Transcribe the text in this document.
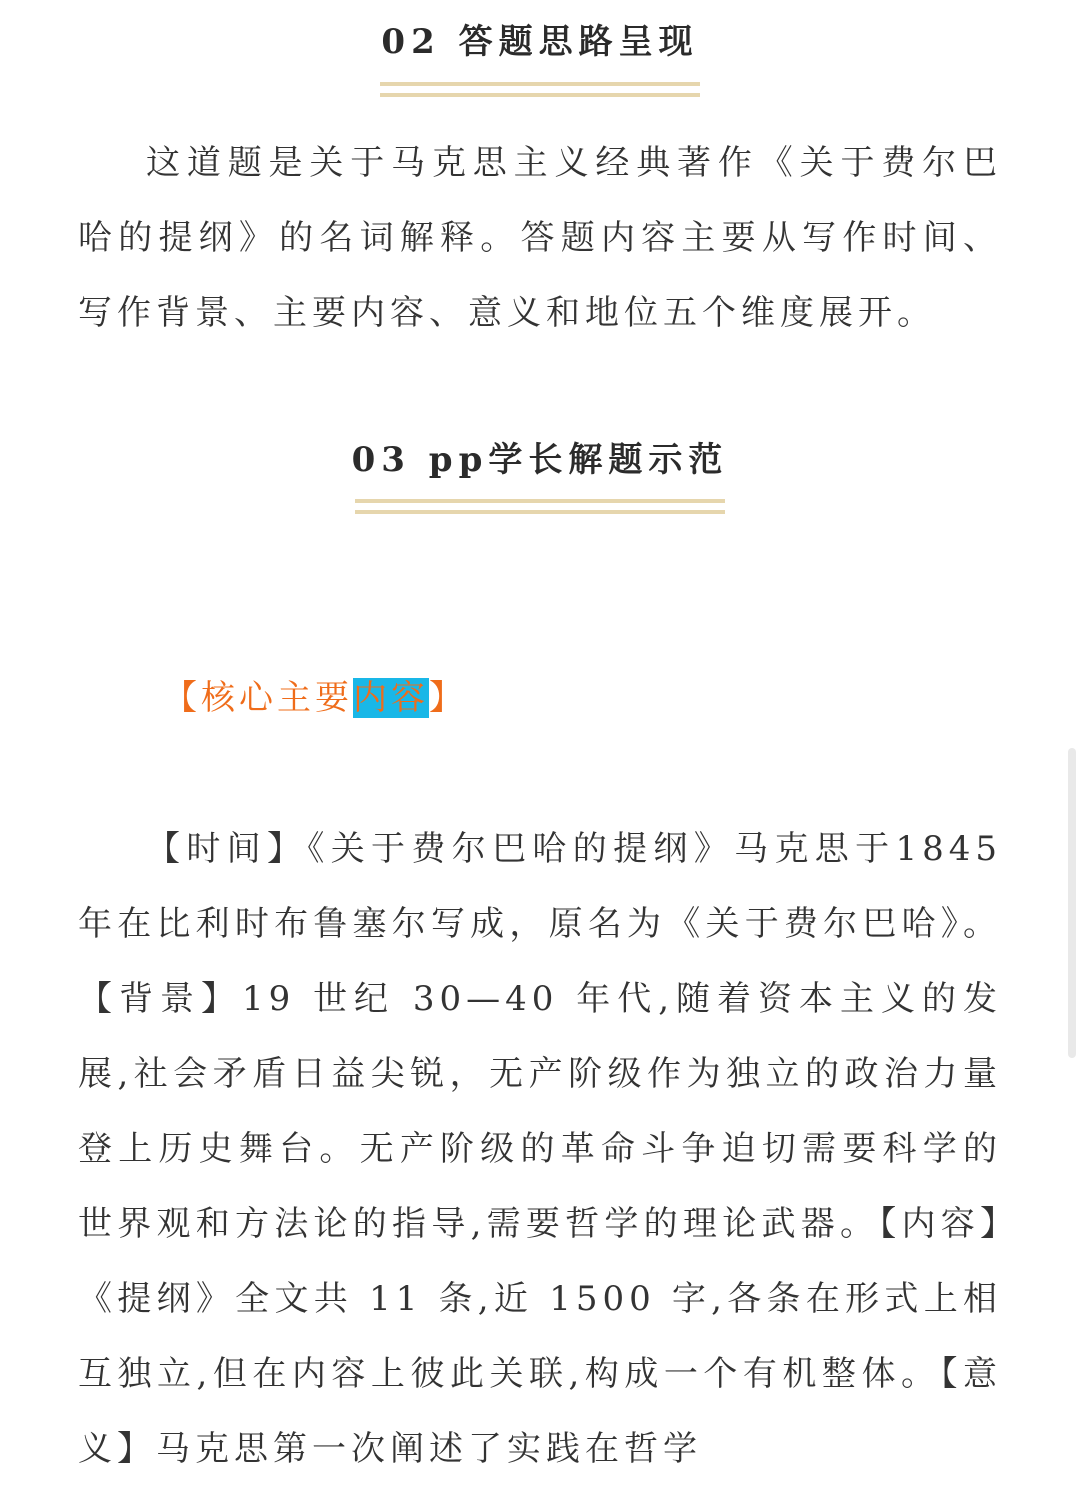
02 答题思路呈现

这道题是关于马克思主义经典著作《关于费尔巴哈的提纲》的名词解释。答题内容主要从写作时间、写作背景、主要内容、意义和地位五个维度展开。

03 pp学长解题示范
【核心主要内容】

【时间】《关于费尔巴哈的提纲》马克思于1845 年在比利时布鲁塞尔写成，原名为《关于费尔巴哈》。【背景】19 世纪 30—40 年代,随着资本主义的发展,社会矛盾日益尖锐，无产阶级作为独立的政治力量登上历史舞台。无产阶级的革命斗争迫切需要科学的世界观和方法论的指导,需要哲学的理论武器。【内容】《提纲》全文共 11 条,近 1500 字,各条在形式上相互独立,但在内容上彼此关联,构成一个有机整体。【意义】马克思第一次阐述了实践在哲学
